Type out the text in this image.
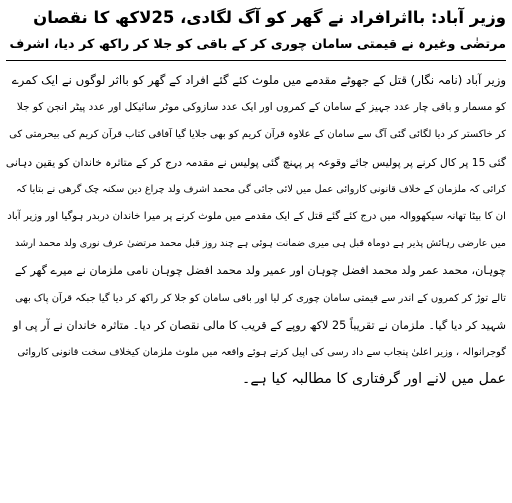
وزیر آباد: بااثرافراد نے گھر کو آگ لگادی، 25لاکھ کا نقصان
مرتضٰی وغیرہ نے قیمتی سامان چوری کر کے باقی کو جلا کر راکھ کر دیا، اشرف
وزیر آباد (نامہ نگار) قتل کے جھوٹے مقدمے میں ملوث کئے گئے افراد کے گھر کو بااثر لوگوں نے ایک کمرے
کو مسمار و باقی چار عدد جہیز کے سامان کے کمروں اور ایک عدد سازوکی موٹر سائیکل اور عدد پیٹر انجن کو جلا
کر خاکستر کر دیا لگائی گئی آگ سے سامان کے علاوہ قرآن کریم کو بھی جلایا گیا آفاقی کتاب قرآن کریم کی بیحرمتی کی
گئی 15 پر کال کرنے پر پولیس جائے وقوعہ پر پہنچ گئی پولیس نے مقدمہ درج کر کے متاثرہ خاندان کو یقین دہانی
کرائی کہ ملزمان کے خلاف قانونی کاروائی عمل میں لائی جائی گی محمد اشرف ولد چراغ دین سکنہ چک گرھی نے بتایا کہ
ان کا بیٹا تھانہ سیکھووالہ میں درج کئے گئے قتل کے ایک مقدمے میں ملوث کرنے پر میرا خاندان دربدر ہوگیا اور وزیر آباد
میں عارضی رہائش پذیر ہے دوماہ قبل ہی میری ضمانت ہوئی ہے چند روز قبل محمد مرتضیٰ عرف نوری ولد محمد ارشد
چوہان، محمد عمر ولد محمد افضل چوہان اور عمیر ولد محمد افضل چوہان نامی ملزمان نے میرے گھر کے
تالے توڑ کر کمروں کے اندر سے قیمتی سامان چوری کر لیا اور باقی سامان کو جلا کر راکھ کر دیا گیا جبکہ قرآن پاک بھی
شہید کر دیا گیا۔ ملزمان نے تقریباً 25 لاکھ روپے کے قریب کا مالی نقصان کر دیا۔ متاثرہ خاندان نے آر پی او
گوجرانوالہ ، وزیر اعلیٰ پنجاب سے داد رسی کی اپیل کرتے ہوئے واقعہ میں ملوث ملزمان کیخلاف سخت قانونی کاروائی
عمل میں لانے اور گرفتاری کا مطالبہ کیا ہے۔
